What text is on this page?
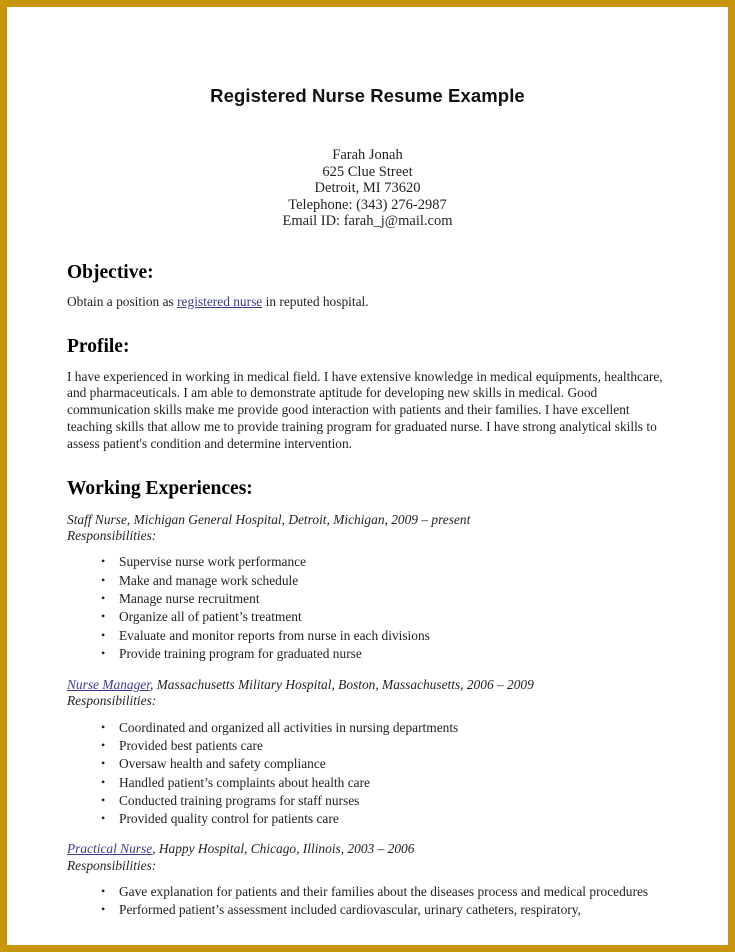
Registered Nurse Resume Example
Farah Jonah
625 Clue Street
Detroit, MI 73620
Telephone: (343) 276-2987
Email ID: farah_j@mail.com
Objective:

Obtain a position as registered nurse in reputed hospital.

Profile:

I have experienced in working in medical field. I have extensive knowledge in medical equipments, healthcare, and pharmaceuticals. I am able to demonstrate aptitude for developing new skills in medical. Good communication skills make me provide good interaction with patients and their families. I have excellent teaching skills that allow me to provide training program for graduated nurse. I have strong analytical skills to assess patient's condition and determine intervention.

Working Experiences:

Staff Nurse, Michigan General Hospital, Detroit, Michigan, 2009 – present

Responsibilities:

• Supervise nurse work performance
• Make and manage work schedule
• Manage nurse recruitment
• Organize all of patient’s treatment
• Evaluate and monitor reports from nurse in each divisions
• Provide training program for graduated nurse

Nurse Manager, Massachusetts Military Hospital, Boston, Massachusetts, 2006 – 2009

Responsibilities:

• Coordinated and organized all activities in nursing departments
• Provided best patients care
• Oversaw health and safety compliance
• Handled patient’s complaints about health care
• Conducted training programs for staff nurses
• Provided quality control for patients care

Practical Nurse, Happy Hospital, Chicago, Illinois, 2003 – 2006

Responsibilities:

• Gave explanation for patients and their families about the diseases process and medical procedures
• Performed patient’s assessment included cardiovascular, urinary catheters, respiratory,
